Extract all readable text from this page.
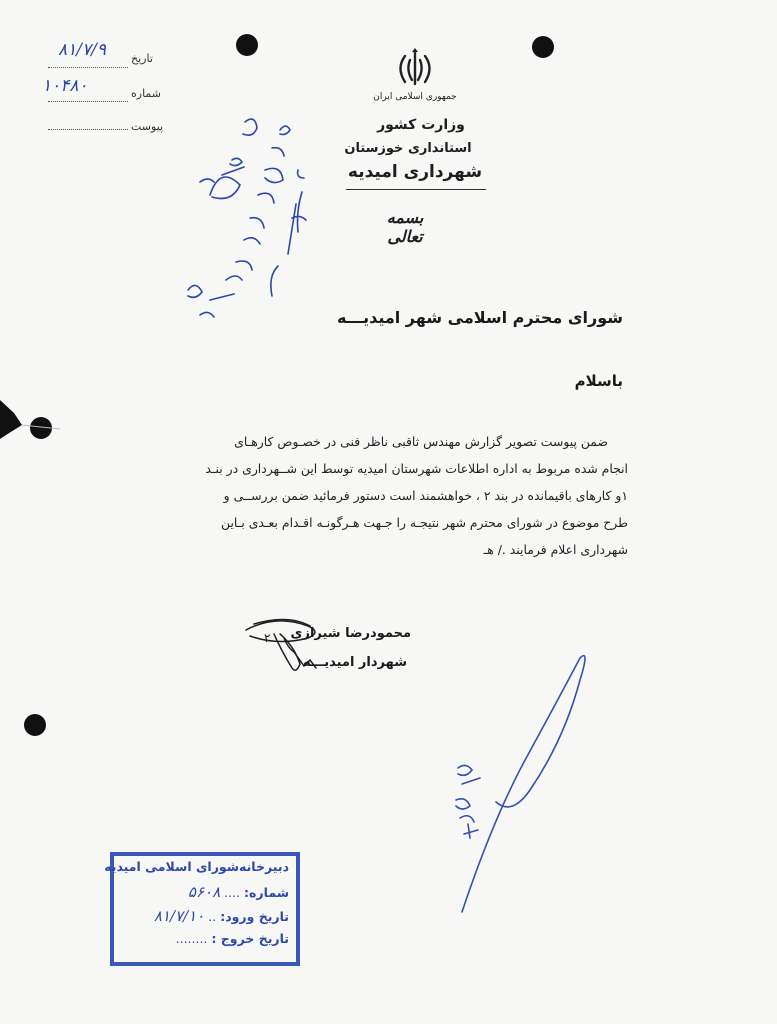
تاریخ
۸۱/۷/۹
شماره
۱۰۴۸۰
پیوست
جمهوری اسلامی ایران
وزارت کشور
استانداری خوزستان
شهرداری امیدیه
بسمه تعالی
شورای محترم اسلامی شهر امیدیـــه
باسلام

ضمن پیوست تصویر گزارش مهندس ثاقبی ناظر فنی در خصـوص کارهـای

انجام شده مربوط به اداره اطلاعات شهرستان امیدیه توسط این شــهرداری در بنـد

۱و کارهای باقیمانده در بند ۲ ، خواهشمند است دستور فرمائید ضمن بررســی و

طرح موضوع در شورای محترم شهر نتیجـه را جـهت هـرگونـه اقـدام بعـدی بـاین

شهرداری اعلام فرمایند ./ هـ

محمودرضا شیرازی
شهردار امیدیـــه
۲
دبیرخانه‌شورای اسلامی امیدیه
شماره:
....
۵۶۰۸
تاریخ ورود:
..
۸۱/۷/۱۰
تاریخ خروج :
........
